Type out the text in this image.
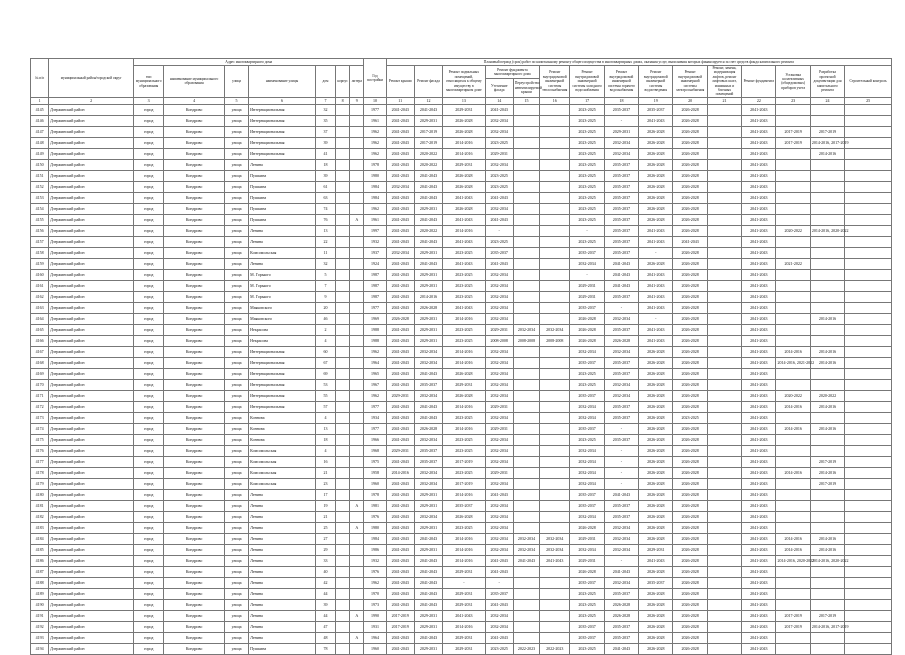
№ п/п	муниципальный район/городской округ	Адрес многоквартирного дома							Год постройки	Плановый период (срок) работ по капитальному ремонту общего имущества в многоквартирных домах, оказания услуг, выполнения которых финансируется за счет средств фонда капитального ремонта														
		тип муниципального образования	наименование муниципального образования	улица	наименование улицы	дом	корпус	литера		Ремонт крыши	Ремонт фасада	Ремонт подвальных помещений, относящихся к общему имуществу в многоквартирном доме	Ремонт фундамента многоквартирного дома		Ремонт внутридомовой инженерной системы теплоснабжения	Ремонт внутридомовой инженерной системы холодного водоснабжения	Ремонт внутридомовой инженерной системы горячего водоснабжения	Ремонт внутридомовой инженерной системы водоотведения	Ремонт внутридомовой инженерной системы электроснабжения	Ремонт, замена, модернизация лифтов, ремонт лифтовых шахт, машинных и блочных помещений	Ремонт фундамента	Установка коллективных (общедомовых) приборов учета	Разработка проектной документации для капитального ремонта	Строительный контроль
													Утепление фасада	Переустройство невентилируемой крыши										
1	2	3	4	5	6	7	8	9	10	11	12	13	14	15	16	17	18	19	20	21	22	23	24	25
4145	Дзержинский район	город	Кондрово	улица	Интернациональная	32			1977	2041-2043	2041-2043	2029-2031	2041-2043			2023-2025	2035-2037	2035-2037	2026-2028		2041-2043			
4146	Дзержинский район	город	Кондрово	улица	Интернациональная	35			1961	2041-2043	2029-2031	2026-2028	2032-2034			2023-2025	-	2041-2043	2026-2028		2041-2043			
4147	Дзержинский район	город	Кондрово	улица	Интернациональная	37			1962	2041-2043	2017-2019	2026-2028	2032-2034			2023-2025	2029-2031	2026-2028	2026-2028		2041-2043	2017-2019	2017-2019	
4148	Дзержинский район	город	Кондрово	улица	Интернациональная	39			1962	2041-2043	2017-2019	2014-2016	2023-2025			2023-2025	2032-2034	2026-2028	2026-2028		2041-2043	2017-2019	2014-2016, 2017-2019	
4149	Дзержинский район	город	Кондрово	улица	Интернациональная	41			1962	2041-2043	2020-2022	2014-2016	2029-2031			2023-2025	2032-2034	2026-2028	2026-2028		2041-2043		2014-2016	
4150	Дзержинский район	город	Кондрово	улица	Ленина	18			1978	2041-2043	2020-2022	2029-2031	2032-2034			2023-2025	2035-2037	2026-2028	2026-2028		2041-2043			
4151	Дзержинский район	город	Кондрово	улица	Пушкина	39			1980	2041-2043	2041-2043	2026-2028	2023-2025			2023-2025	2035-2037	2026-2028	2026-2028		2041-2043			
4152	Дзержинский район	город	Кондрово	улица	Пушкина	61			1984	2032-2034	2041-2043	2026-2028	2023-2025			2023-2025	2035-2037	2026-2028	2026-2028		2041-2043			
4153	Дзержинский район	город	Кондрово	улица	Пушкина	63			1984	2041-2043	2041-2043	2041-2043	2041-2043			2023-2025	2035-2037	2026-2028	2026-2028		2041-2043			
4154	Дзержинский район	город	Кондрово	улица	Пушкина	74			1962	2041-2043	2029-2031	2026-2028	2032-2034			2023-2025	2035-2037	2026-2028	2026-2028		2041-2043			
4155	Дзержинский район	город	Кондрово	улица	Пушкина	76		А	1961	2041-2043	2041-2043	2041-2043	2041-2043			2023-2025	2035-2037	2026-2028	2026-2028		2041-2043			
4156	Дзержинский район	город	Кондрово	улица	Ленина	13			1997	2041-2043	2020-2022	2014-2016	-			-	2035-2037	2041-2043	2026-2028		2041-2043	2020-2022	2014-2016, 2020-2022	
4157	Дзержинский район	город	Кондрово	улица	Ленина	22			1932	2041-2043	2041-2043	2041-2043	2023-2025			2023-2025	2035-2037	2041-2043	2041-2043		2041-2043			
4158	Дзержинский район	город	Кондрово	улица	Комсомольская	11			1937	2032-2034	2029-2031	2023-2025	2035-2037			2035-2037	2035-2037	-	2026-2028		2041-2043			
4159	Дзержинский район	город	Кондрово	улица	Ленина	32			1924	2041-2043	2041-2043	2041-2043	2041-2043			2032-2034	2041-2043	2026-2028	2026-2028		2041-2043	2021-2022		
4160	Дзержинский район	город	Кондрово	улица	М. Горького	5			1987	2041-2043	2029-2031	2023-2025	2032-2034			-	2041-2043	2041-2043	2026-2028		2041-2043			
4161	Дзержинский район	город	Кондрово	улица	М. Горького	7			1987	2041-2043	2029-2031	2023-2025	2032-2034			2029-2031	2041-2043	2041-2043	2026-2028		2041-2043			
4162	Дзержинский район	город	Кондрово	улица	М. Горького	9			1987	2041-2043	2014-2016	2023-2025	2032-2034			2029-2031	2035-2037	2041-2043	2026-2028		2041-2043			
4163	Дзержинский район	город	Кондрово	улица	Маяковского	20			1977	2041-2043	2026-2028	2041-2043	2032-2034			2035-2037	-	2041-2043	2026-2028		2041-2043			
4164	Дзержинский район	город	Кондрово	улица	Маяковского	46			1969	2026-2028	2029-2031	2014-2016	2032-2034			2026-2028	2032-2034	-	2026-2028		2041-2043		2014-2016	
4165	Дзержинский район	город	Кондрово	улица	Некрасова	2			1988	2041-2043	2029-2031	2023-2025	2029-2031	2032-2034	2032-2034	2026-2028	2035-2037	2041-2043	2026-2028		2041-2043			
4166	Дзержинский район	город	Кондрово	улица	Некрасова	4			1988	2041-2043	2029-2031	2023-2025	2008-2008	2008-2008	2008-2008	2026-2028	2026-2028	2041-2043	2026-2028		2041-2043			
4167	Дзержинский район	город	Кондрово	улица	Интернациональная	60			1962	2041-2043	2032-2034	2014-2016	2032-2034			2032-2034	2032-2034	2026-2028	2026-2028		2041-2043	2014-2016	2014-2016	
4168	Дзержинский район	город	Кондрово	улица	Интернациональная	67			1964	2041-2043	2032-2034	2014-2016	2032-2034			2035-2037	2035-2037	2026-2028	2026-2028		2041-2043	2014-2016, 2021-2022	2014-2016	
4169	Дзержинский район	город	Кондрово	улица	Интернациональная	69			1965	2041-2043	2041-2043	2026-2028	2032-2034			2023-2025	2035-2037	2026-2028	2026-2028		2041-2043			
4170	Дзержинский район	город	Кондрово	улица	Интернациональная	53			1967	2041-2043	2035-2037	2029-2031	2032-2034			2023-2025	2032-2034	2026-2028	2026-2028		2041-2043			
4171	Дзержинский район	город	Кондрово	улица	Интернациональная	55			1962	2029-2031	2032-2034	2026-2028	2032-2034			2035-2037	2032-2034	2026-2028	2026-2028		2041-2043	2020-2022	2020-2022	
4172	Дзержинский район	город	Кондрово	улица	Интернациональная	57			1977	2041-2043	2041-2043	2014-2016	2029-2031			2032-2034	2035-2037	2026-2028	2026-2028		2041-2043	2014-2016	2014-2016	
4173	Дзержинский район	город	Кондрово	улица	Коннова	4			1934	2041-2043	2041-2043	2023-2025	2032-2034			2032-2034	2035-2037	2026-2028	2023-2025		2041-2043			
4174	Дзержинский район	город	Кондрово	улица	Коннова	13			1977	2041-2043	2026-2028	2014-2016	2029-2031			2035-2037	-	2026-2028	2026-2028		2041-2043	2014-2016	2014-2016	
4175	Дзержинский район	город	Кондрово	улица	Коннова	18			1966	2041-2043	2032-2034	2023-2025	2032-2034			2023-2025	2035-2037	2026-2028	2026-2028		2041-2043			
4176	Дзержинский район	город	Кондрово	улица	Комсомольская	4			1968	2029-2031	2035-2037	2023-2025	2032-2034			2032-2034	-	2026-2028	2026-2028		2041-2043			
4177	Дзержинский район	город	Кондрово	улица	Комсомольская	16			1975	2041-2043	2035-2037	2017-2019	2032-2034			2032-2034	-	2026-2028	2026-2028		2041-2043		2017-2019	
4178	Дзержинский район	город	Кондрово	улица	Комсомольская	21			1958	2014-2016	2032-2034	2023-2025	2029-2031			2032-2034	-	2026-2028	2026-2028		2041-2043	2014-2016	2014-2016	
4179	Дзержинский район	город	Кондрово	улица	Комсомольская	23			1960	2041-2043	2032-2034	2017-2019	2032-2034			2032-2034	-	2026-2028	2026-2028		2041-2043		2017-2019	
4180	Дзержинский район	город	Кондрово	улица	Ленина	17			1978	2041-2043	2029-2031	2014-2016	2041-2043			2035-2037	2041-2043	2026-2028	2026-2028		2041-2043			
4181	Дзержинский район	город	Кондрово	улица	Ленина	19		А	1981	2041-2043	2029-2031	2035-2037	2032-2034			2035-2037	2035-2037	2026-2028	2026-2028		2041-2043			
4182	Дзержинский район	город	Кондрово	улица	Ленина	21			1976	2041-2043	2032-2034	2026-2028	2032-2034			2032-2034	2035-2037	2026-2028	2026-2028		2041-2043			
4183	Дзержинский район	город	Кондрово	улица	Ленина	25		А	1980	2041-2043	2029-2031	2023-2025	2032-2034			2026-2028	2032-2034	2026-2028	2026-2028		2041-2043			
4184	Дзержинский район	город	Кондрово	улица	Ленина	27			1984	2041-2043	2041-2043	2014-2016	2032-2034	2032-2034	2032-2034	2029-2031	2032-2034	2026-2028	2026-2028		2041-2043	2014-2016	2014-2016	
4185	Дзержинский район	город	Кондрово	улица	Ленина	29			1986	2041-2043	2029-2031	2014-2016	2032-2034	2032-2034	2032-2034	2032-2034	2032-2034	2029-2031	2026-2028		2041-2043	2014-2016	2014-2016	
4186	Дзержинский район	город	Кондрово	улица	Ленина	33			1932	2041-2043	2041-2043	2014-2016	2041-2043	2041-2043	2041-2043	2029-2031	-	2041-2043	2026-2028		2041-2043	2014-2016, 2020-2022	2014-2016, 2020-2022	
4187	Дзержинский район	город	Кондрово	улица	Ленина	40			1976	2041-2043	2041-2043	2029-2031	2041-2043			2026-2028	2041-2043	2026-2028	2026-2028		2041-2043			
4188	Дзержинский район	город	Кондрово	улица	Ленина	42			1962	2041-2043	2041-2043	-	-			2035-2037	2032-2034	2035-2037	2026-2028		2041-2043			
4189	Дзержинский район	город	Кондрово	улица	Ленина	44			1970	2041-2043	2041-2043	2029-2031	2035-2037			2023-2025	2035-2037	2026-2028	2026-2028		2041-2043			
4190	Дзержинский район	город	Кондрово	улица	Ленина	39			1973	2041-2043	2041-2043	2029-2031	2041-2043			2023-2025	2026-2028	2026-2028	2026-2028		2041-2043			
4191	Дзержинский район	город	Кондрово	улица	Ленина	44		А	1990	2017-2019	2029-2031	2041-2043	2032-2034			2023-2025	2026-2028	2026-2028	2026-2028		2041-2043	2017-2019	2017-2019	
4192	Дзержинский район	город	Кондрово	улица	Ленина	47			1931	2017-2019	2029-2031	2014-2016	2032-2034			2035-2037	2035-2037	2026-2028	2026-2028		2041-2043	2017-2019	2014-2016, 2017-2019	
4193	Дзержинский район	город	Кондрово	улица	Ленина	48		А	1964	2041-2043	2041-2043	2029-2031	2041-2043			2035-2037	2035-2037	2026-2028	2026-2028		2041-2043			
4194	Дзержинский район	город	Кондрово	улица	Пушкина	78			1960	2041-2043	2029-2031	2029-2031	2023-2025	2022-2023	2022-2023	2023-2025	2041-2043	2026-2028	2026-2028		2041-2043			
